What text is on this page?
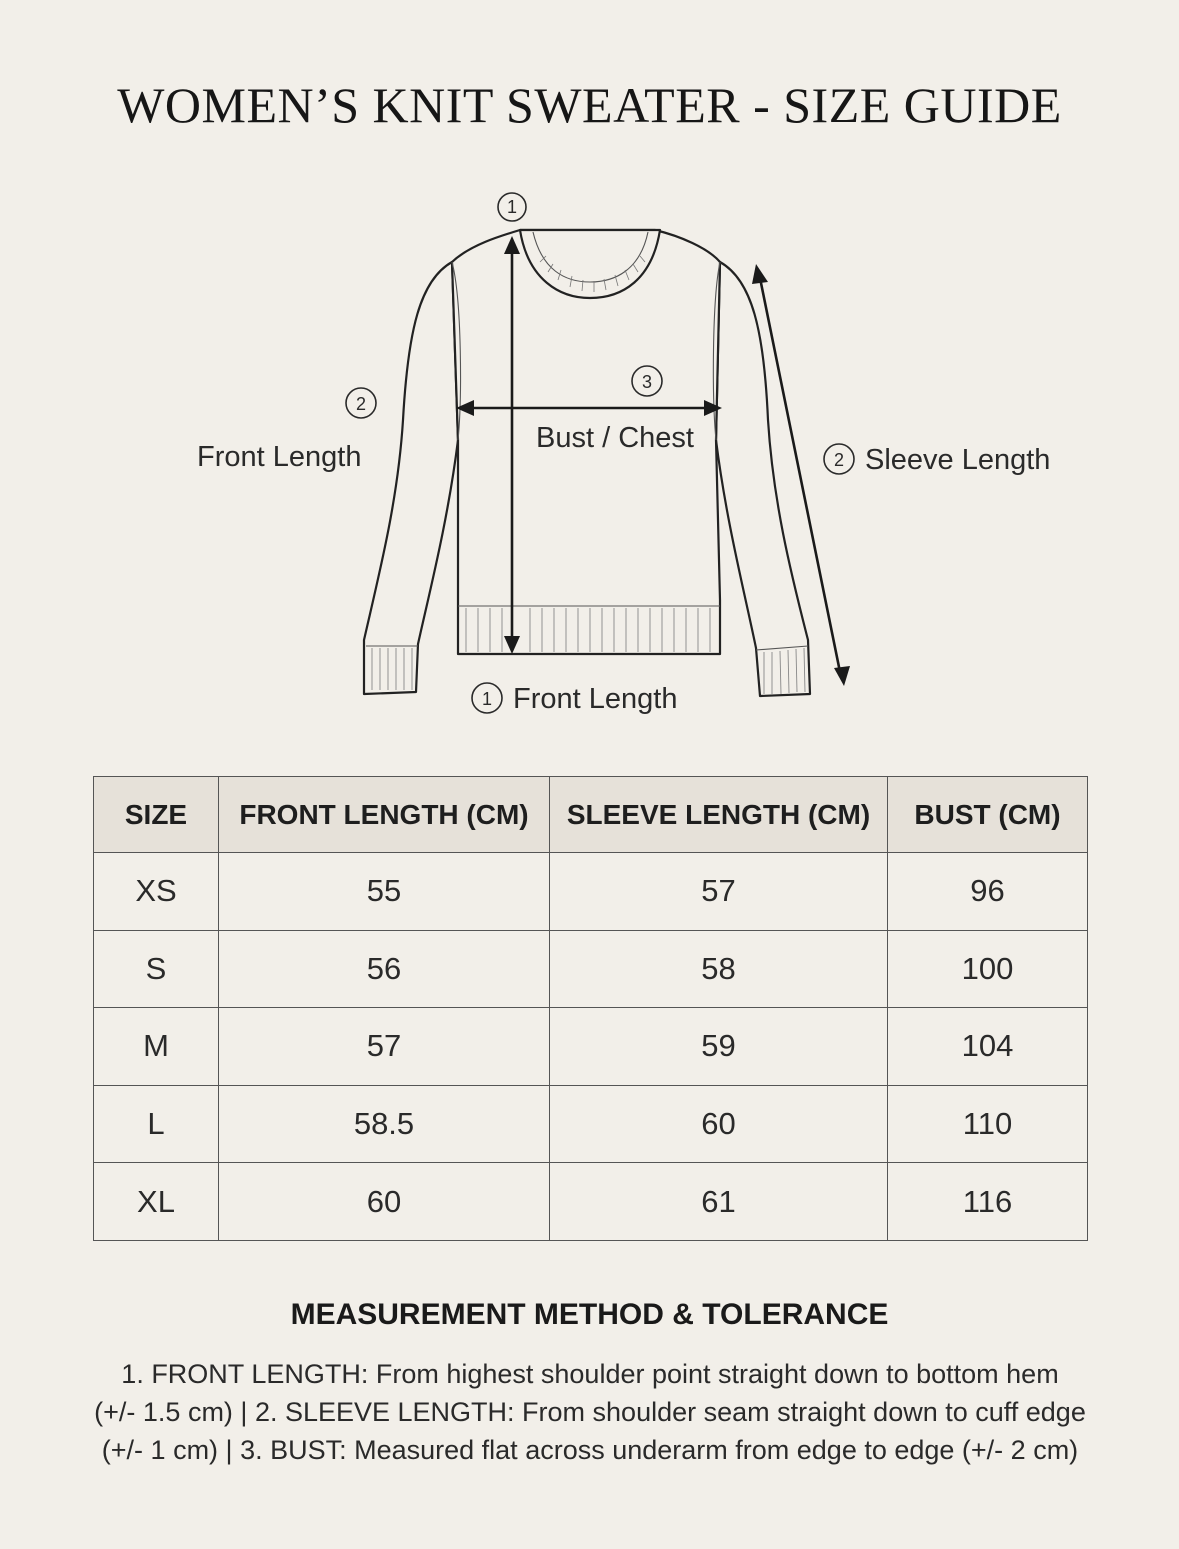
WOMEN’S KNIT SWEATER - SIZE GUIDE
1
2
Front Length
3
Bust / Chest
2 Sleeve Length
1 Front Length
SIZE	FRONT LENGTH (CM)	SLEEVE LENGTH (CM)	BUST (CM)
XS	55	57	96
S	56	58	100
M	57	59	104
L	58.5	60	110
XL	60	61	116
MEASUREMENT METHOD & TOLERANCE
1. FRONT LENGTH: From highest shoulder point straight down to bottom hem
(+/- 1.5 cm) | 2. SLEEVE LENGTH: From shoulder seam straight down to cuff edge
(+/- 1 cm) | 3. BUST: Measured flat across underarm from edge to edge (+/- 2 cm)
